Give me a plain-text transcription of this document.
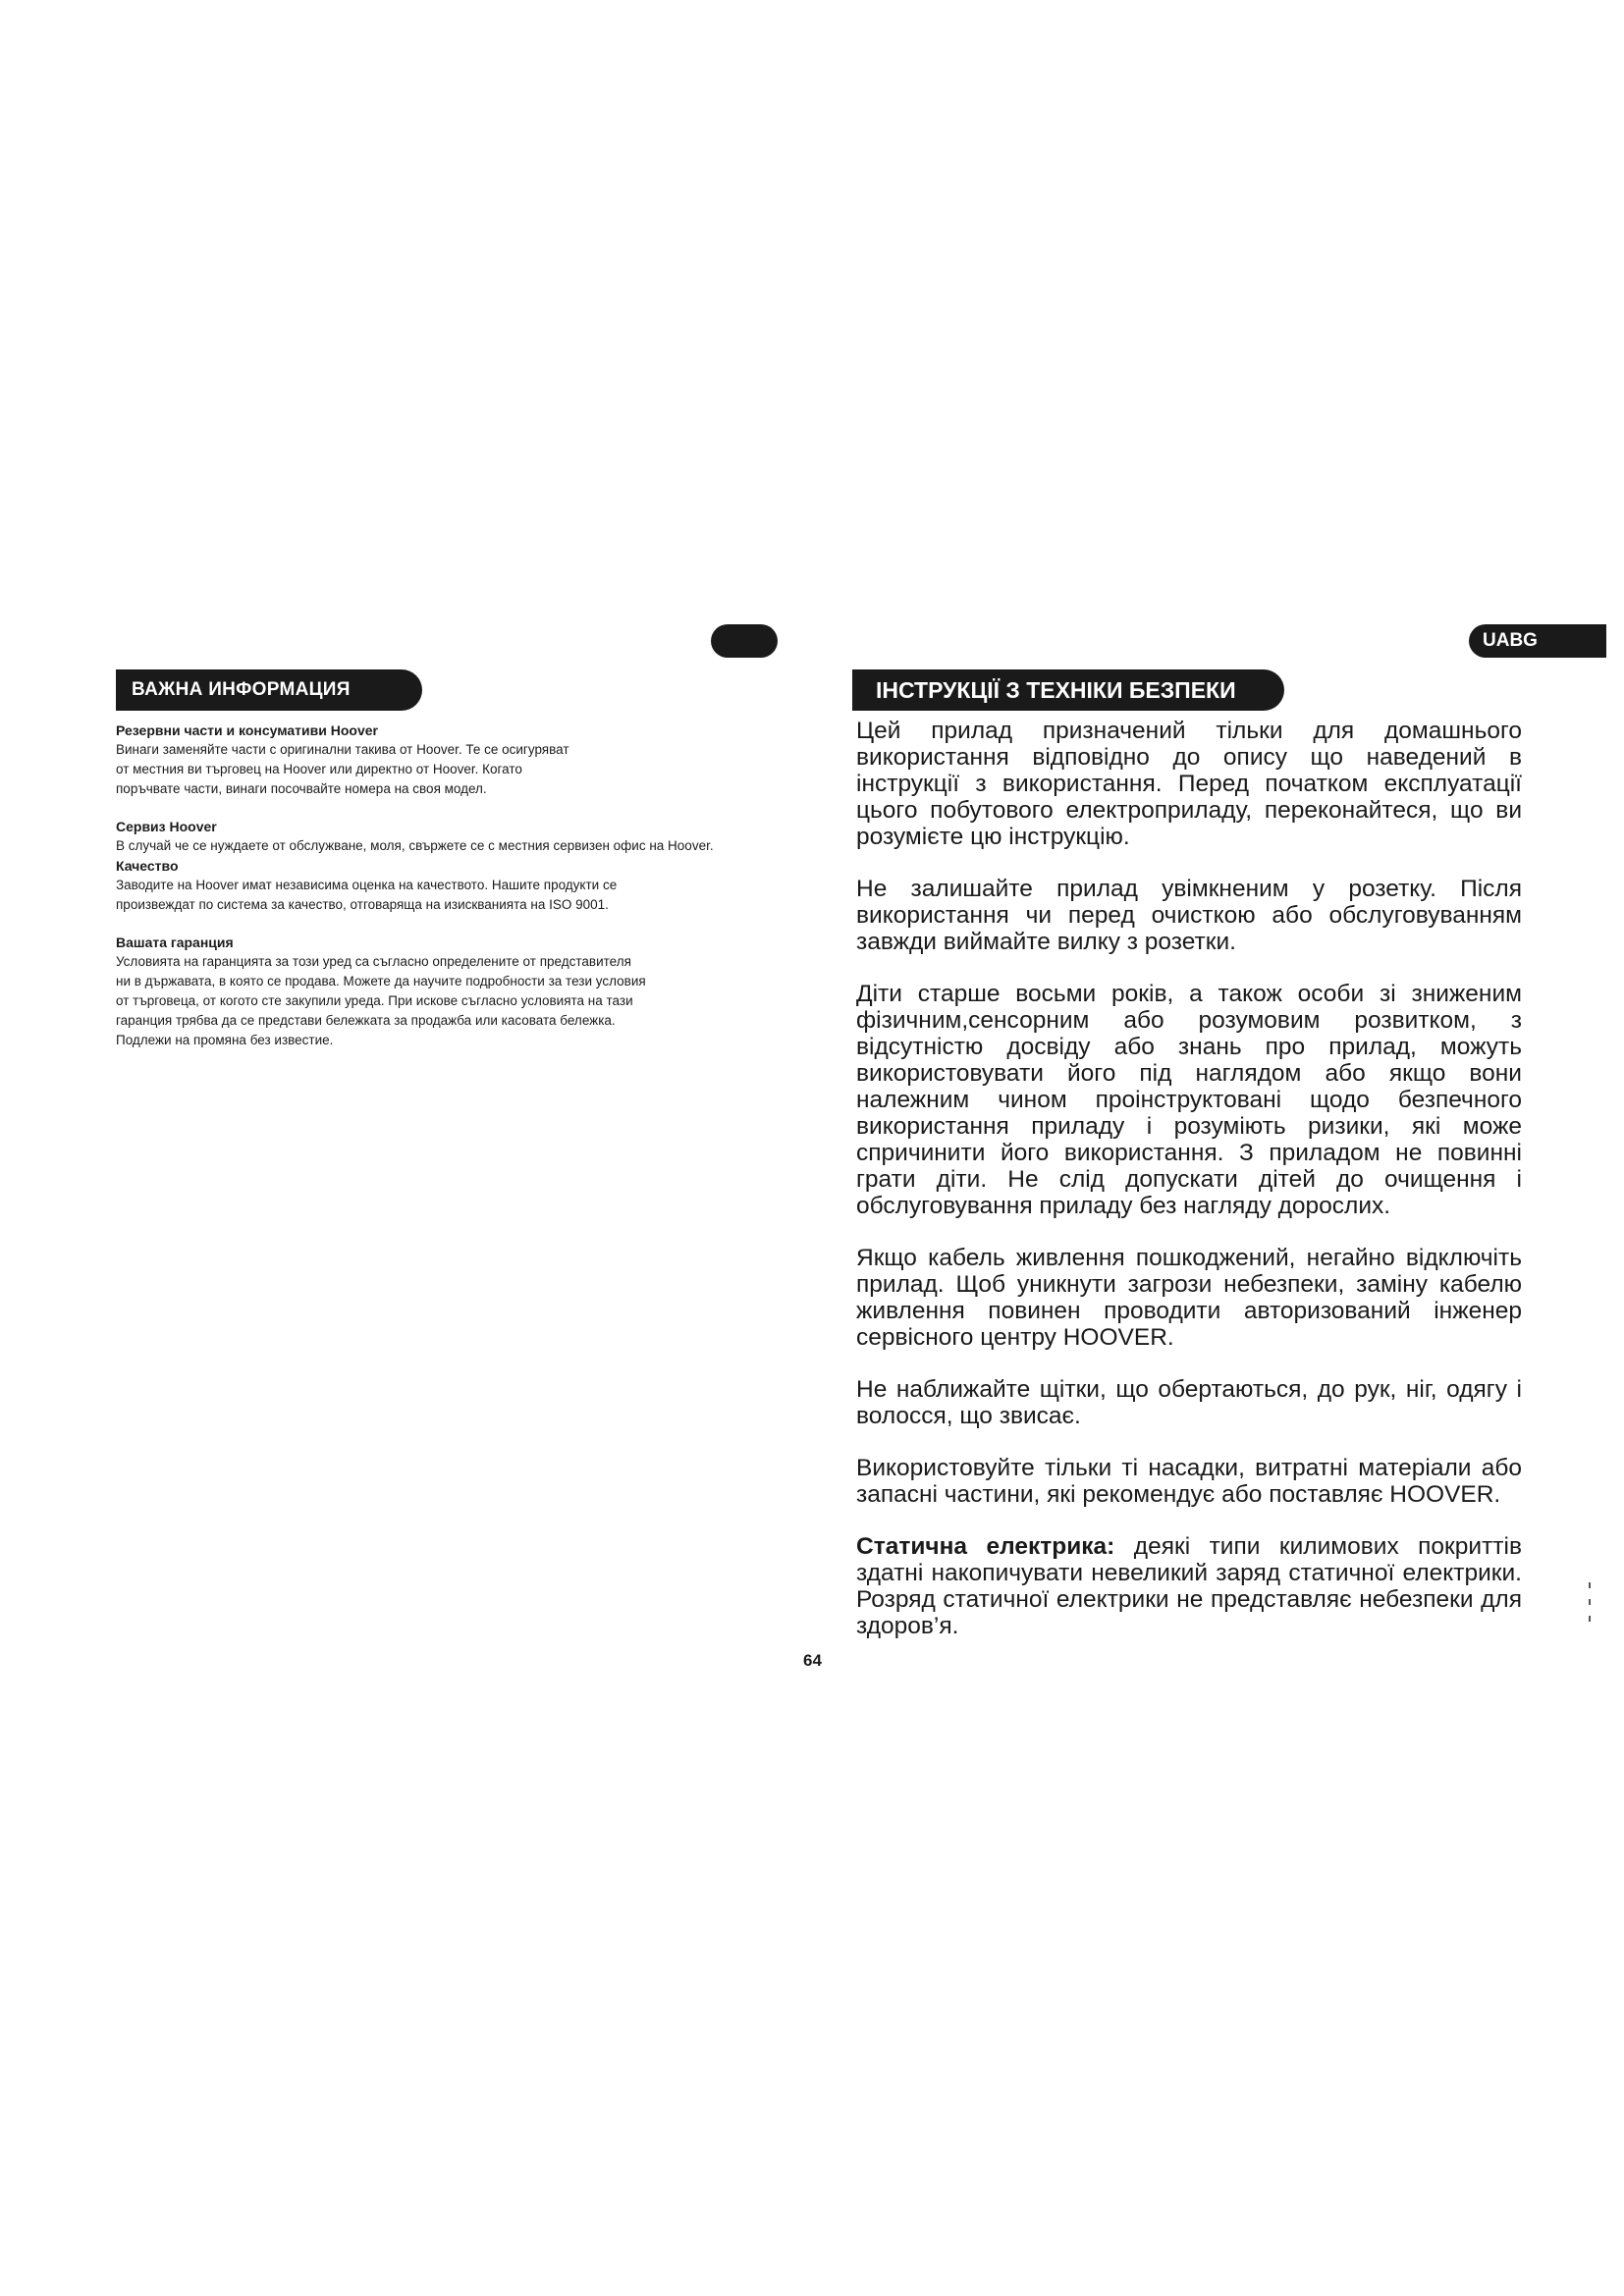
UABG
ВАЖНА ИНФОРМАЦИЯ	ІНСТРУКЦІЇ З ТЕХНІКИ БЕЗПЕКИ
Резервни части и консумативи Hoover

Винаги заменяйте части с оригинални такива от Hoover. Те се осигуряват

от местния ви търговец на Hoover или директно от Hoover. Когато

поръчвате части, винаги посочвайте номера на своя модел.

Сервиз Hoover

В случай че се нуждаете от обслужване, моля, свържете се с местния сервизен офис на Hoover.

Качество

Заводите на Hoover имат независима оценка на качеството. Нашите продукти се

произвеждат по система за качество, отговаряща на изискванията на ISO 9001.

Вашата гаранция

Условията на гаранцията за този уред са съгласно определените от представителя

ни в държавата, в която се продава. Можете да научите подробности за тези условия

от търговеца, от когото сте закупили уреда. При искове съгласно условията на тази

гаранция трябва да се представи бележката за продажба или касовата бележка.

Подлежи на промяна без известие.

Цей прилад призначений тільки для домашнього використання відповідно до опису що наведений в інструкції з використання. Перед початком експлуатації цього побутового електроприладу, переконайтеся, що ви розумієте цю інструкцію.

Не залишайте прилад увімкненим у розетку. Після використання чи перед очисткою або обслуговуванням завжди виймайте вилку з розетки.

Діти старше восьми років, а також особи зі зниженим фізичним,сенсорним або розумовим розвитком, з відсутністю досвіду або знань про прилад, можуть використовувати його під наглядом або якщо вони належним чином проінструктовані щодо безпечного використання приладу і розуміють ризики, які може спричинити його використання. З приладом не повинні грати діти. Не слід допускати дітей до очищення і обслуговування приладу без нагляду дорослих.

Якщо кабель живлення пошкоджений, негайно відключіть прилад. Щоб уникнути загрози небезпеки, заміну кабелю живлення повинен проводити авторизований інженер сервісного центру HOOVER.

Не наближайте щітки, що обертаються, до рук, ніг, одягу і волосся, що звисає.

Використовуйте тільки ті насадки, витратні матеріали або запасні частини, які рекомендує або поставляє HOOVER.

Статична електрика: деякі типи килимових покриттів здатні накопичувати невеликий заряд статичної електрики. Розряд статичної електрики не представляє небезпеки для здоров’я.

64
